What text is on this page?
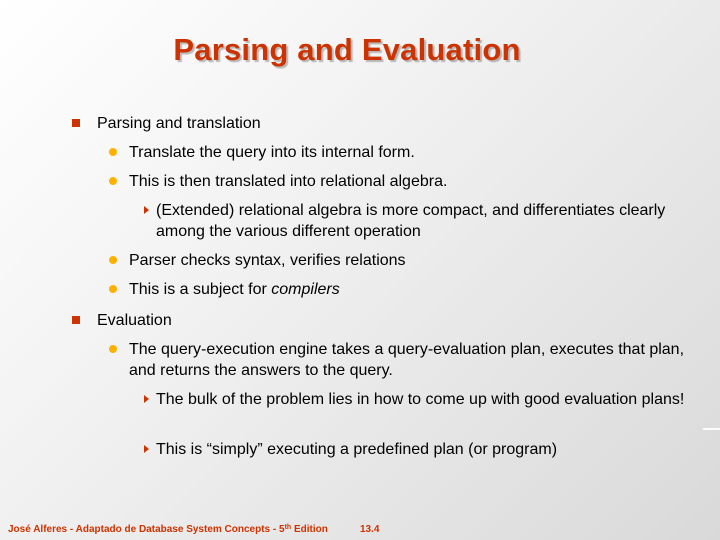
Parsing and Evaluation
Parsing and translation
Translate the query into its internal form.
This is then translated into relational algebra.
(Extended) relational algebra is more compact, and differentiates clearly among the various different operation
Parser checks syntax, verifies relations
This is a subject for compilers
Evaluation
The query-execution engine takes a query-evaluation plan, executes that plan, and returns the answers to the query.
The bulk of the problem lies in how to come up with good evaluation plans!
This is “simply” executing a predefined plan (or program)
José Alferes - Adaptado de Database System Concepts - 5th Edition	13.4
